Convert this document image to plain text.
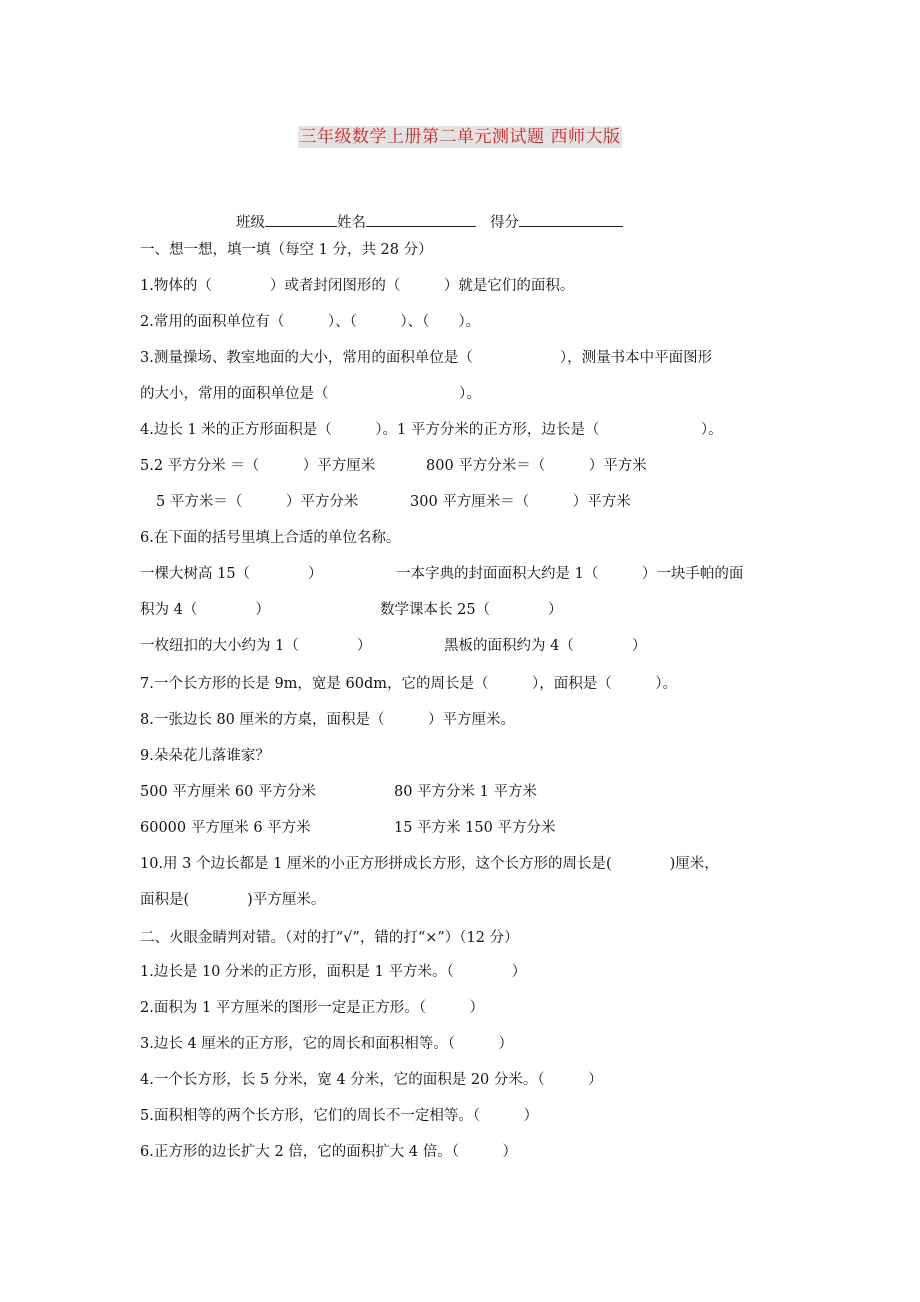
三年级数学上册第二单元测试题 西师大版
班级	姓名	得分
一、想一想，填一填（每空 1 分，共 28 分）
1.物体的（　　　　）或者封闭图形的（　　　）就是它们的面积。
2.常用的面积单位有（　　　）、（　　　）、（　　）。
3.测量操场、教室地面的大小，常用的面积单位是（　　　　　　），测量书本中平面图形
的大小，常用的面积单位是（　　　　　　　　　）。
4.边长 1 米的正方形面积是（　　　）。1 平方分米的正方形，边长是（　　　　　　　）。
5.2 平方分米 ＝（　　　）平方厘米	800 平方分米＝（　　　）平方米
5 平方米＝（　　　）平方分米	300 平方厘米＝（　　　）平方米
6.在下面的括号里填上合适的单位名称。
一棵大树高 15（　　　　）	一本字典的封面面积大约是 1（　　　）一块手帕的面
积为 4（　　　　）	数学课本长 25（　　　　）
一枚纽扣的大小约为 1（　　　　）	黑板的面积约为 4（　　　　）
7.一个长方形的长是 9m，宽是 60dm，它的周长是（　　　），面积是（　　　）。
8.一张边长 80 厘米的方桌，面积是（　　　）平方厘米。
9.朵朵花儿落谁家？
500 平方厘米 60 平方分米	80 平方分米 1 平方米
60000 平方厘米 6 平方米	15 平方米 150 平方分米
10.用 3 个边长都是 1 厘米的小正方形拼成长方形，这个长方形的周长是(　　　　)厘米，
面积是(　　　　)平方厘米。
二、火眼金睛判对错。（对的打“√”，错的打“×”）（12 分）
1.边长是 10 分米的正方形，面积是 1 平方米。（　　　　）
2.面积为 1 平方厘米的图形一定是正方形。（　　　）
3.边长 4 厘米的正方形，它的周长和面积相等。（　　　）
4.一个长方形，长 5 分米，宽 4 分米，它的面积是 20 分米。（　　　）
5.面积相等的两个长方形，它们的周长不一定相等。（　　　）
6.正方形的边长扩大 2 倍，它的面积扩大 4 倍。（　　　）
